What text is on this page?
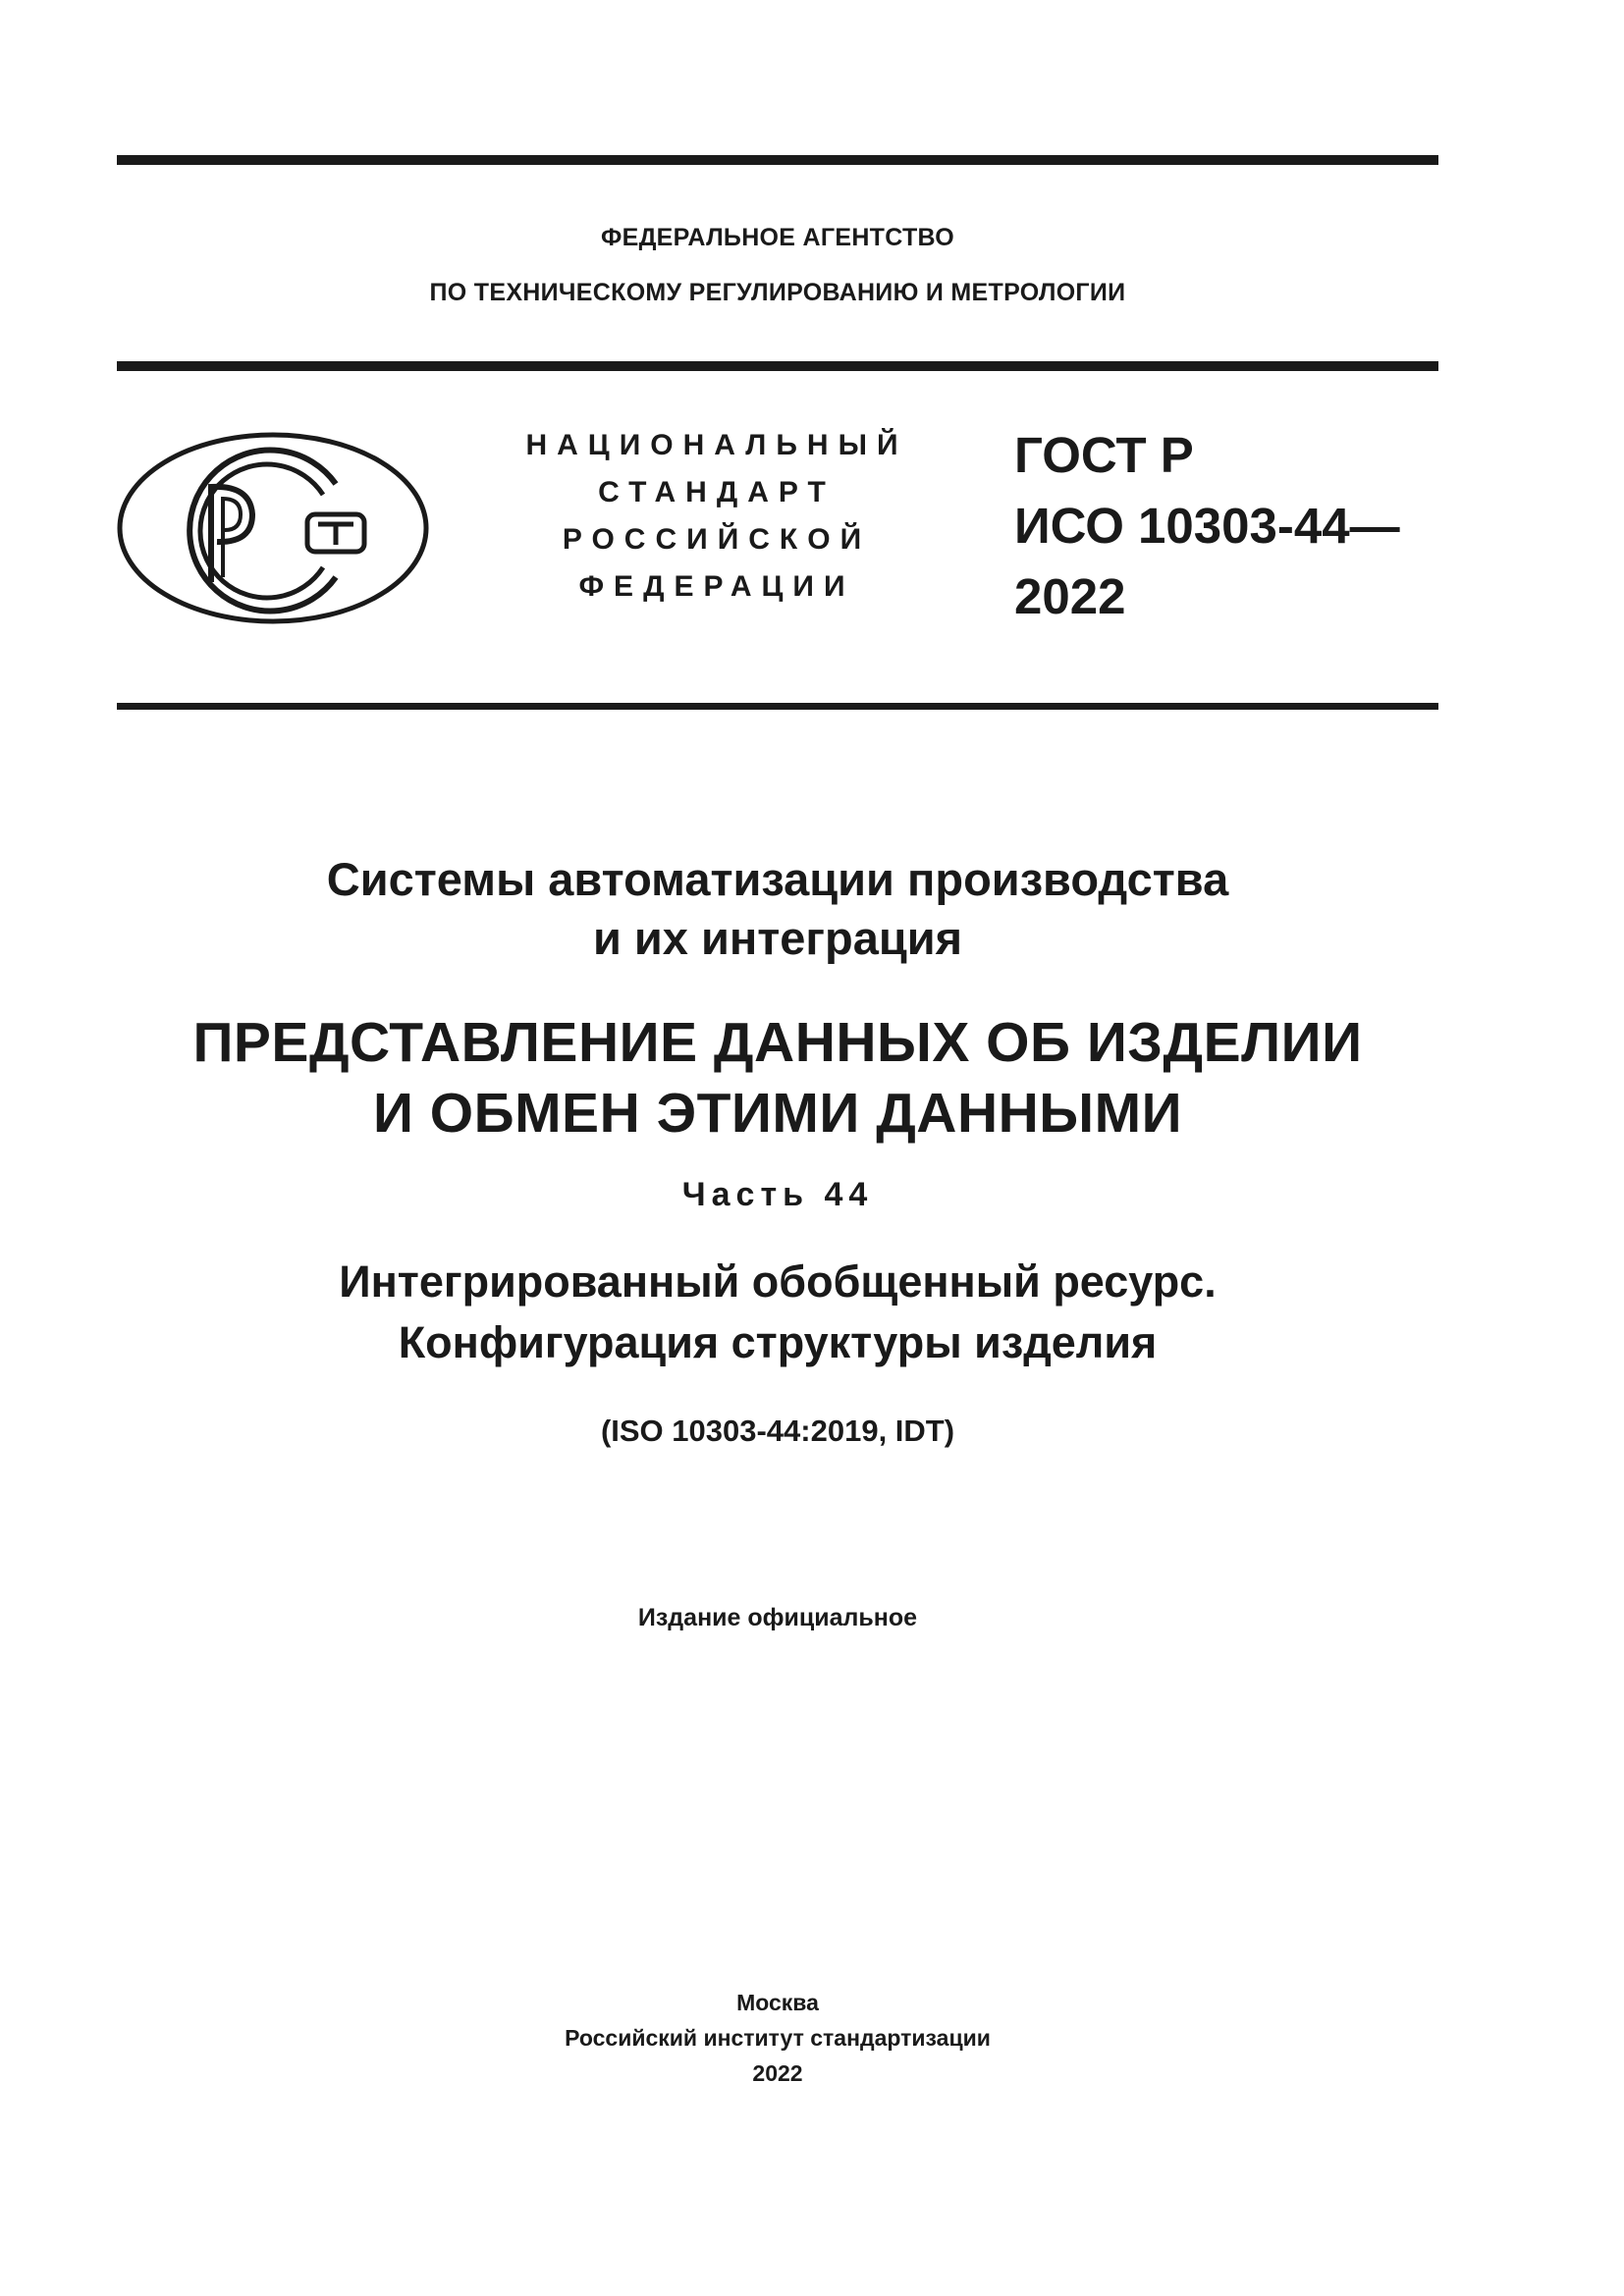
ФЕДЕРАЛЬНОЕ АГЕНТСТВО
ПО ТЕХНИЧЕСКОМУ РЕГУЛИРОВАНИЮ И МЕТРОЛОГИИ
НАЦИОНАЛЬНЫЙ
СТАНДАРТ
РОССИЙСКОЙ
ФЕДЕРАЦИИ
ГОСТ Р
ИСО 10303-44—
2022
Системы автоматизации производства
и их интеграция
ПРЕДСТАВЛЕНИЕ ДАННЫХ ОБ ИЗДЕЛИИ
И ОБМЕН ЭТИМИ ДАННЫМИ
Часть 44
Интегрированный обобщенный ресурс.
Конфигурация структуры изделия
(ISO 10303-44:2019, IDT)
Издание официальное
Москва
Российский институт стандартизации
2022
